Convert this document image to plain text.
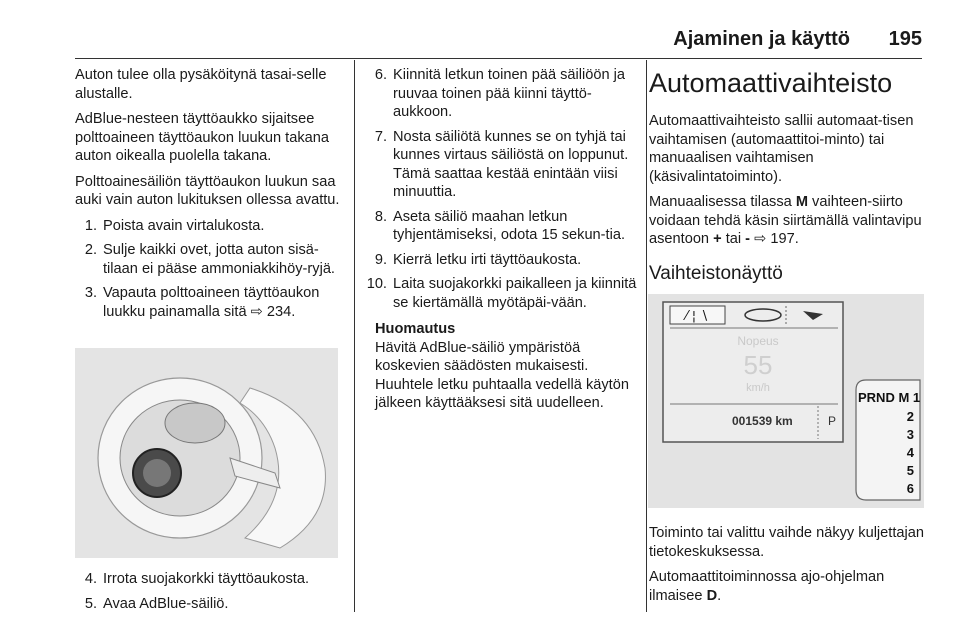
Ajaminen ja käyttö 195

Auton tulee olla pysäköitynä tasai-selle alustalle.

AdBlue-nesteen täyttöaukko sijaitsee polttoaineen täyttöaukon luukun takana auton oikealla puolella takana.

Polttoainesäiliön täyttöaukon luukun saa auki vain auton lukituksen ollessa avattu.

1. Poista avain virtalukosta.
2. Sulje kaikki ovet, jotta auton sisä-tilaan ei pääse ammoniakkihöy-ryjä.
3. Vapauta polttoaineen täyttöaukon luukku painamalla sitä ⇨ 234.
4. Irrota suojakorkki täyttöaukosta.
5. Avaa AdBlue-säiliö.
6. Kiinnitä letkun toinen pää säiliöön ja ruuvaa toinen pää kiinni täyttö-aukkoon.
7. Nosta säiliötä kunnes se on tyhjä tai kunnes virtaus säiliöstä on loppunut. Tämä saattaa kestää enintään viisi minuuttia.
8. Aseta säiliö maahan letkun tyhjentämiseksi, odota 15 sekun-tia.
9. Kierrä letku irti täyttöaukosta.
10. Laita suojakorkki paikalleen ja kiinnitä se kiertämällä myötäpäi-vään.
Huomautus
Hävitä AdBlue-säiliö ympäristöä koskevien säädösten mukaisesti. Huuhtele letku puhtaalla vedellä käytön jälkeen käyttääksesi sitä uudelleen.
Automaattivaihteisto

Automaattivaihteisto sallii automaat-tisen vaihtamisen (automaattitoi-minto) tai manuaalisen vaihtamisen (käsivalintatoiminto).

Manuaalisessa tilassa M vaihteen-siirto voidaan tehdä käsin siirtämällä valintavipu asentoon + tai - ⇨ 197.

Vaihteistonäyttö
⁄ ¦ ∖
Nopeus
55
km/h
001539 km	P
PRND M 1
2
3
4
5
6

Toiminto tai valittu vaihde näkyy kuljettajan tietokeskuksessa.

Automaattitoiminnossa ajo-ohjelman ilmaisee D.
